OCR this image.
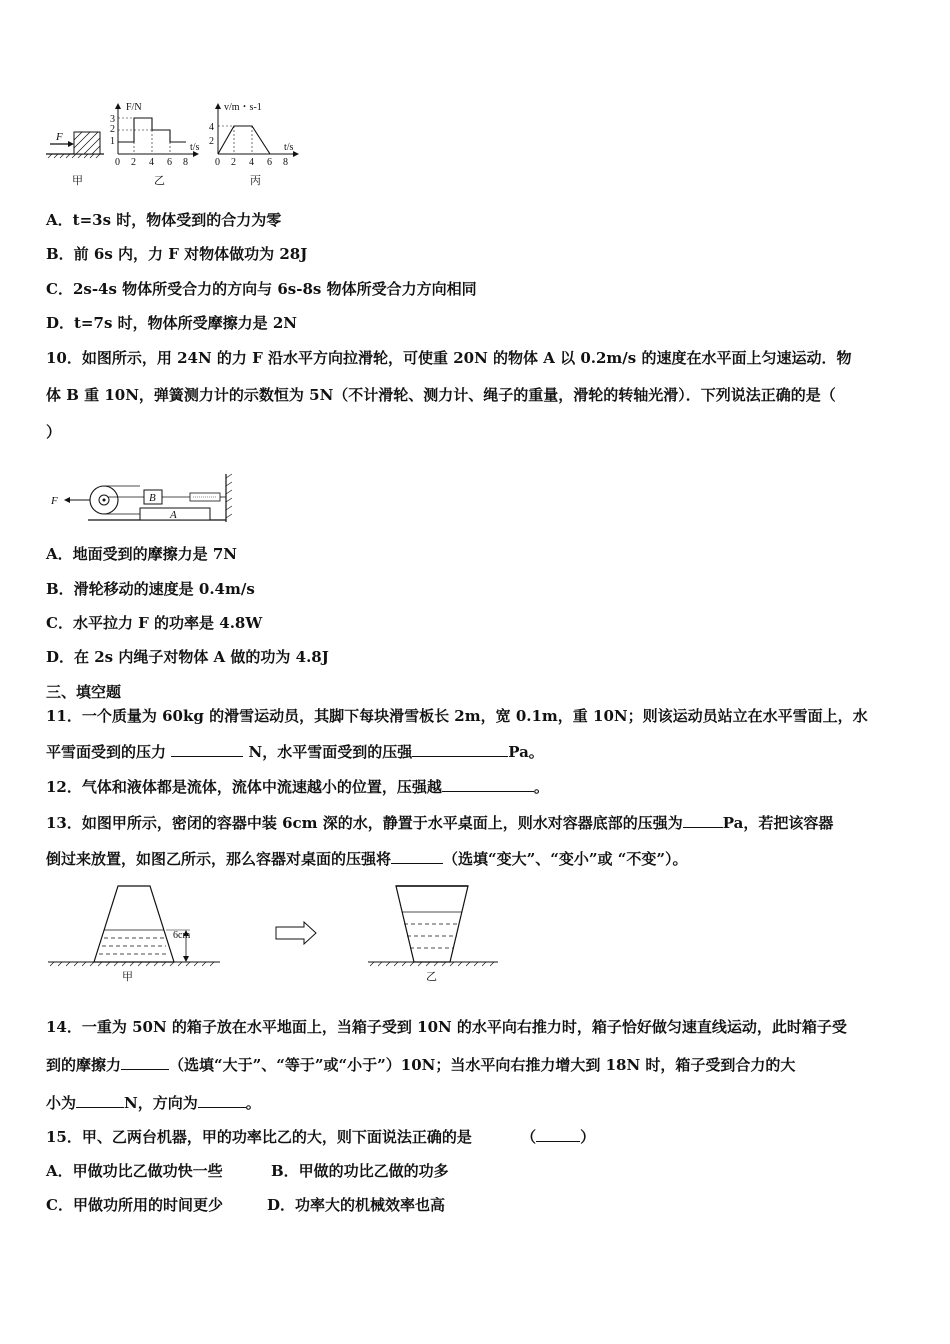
F
甲
F/N
t/s
3
2
1
0 2 4 6 8
乙
v/m・s-1
t/s
4
2
0 2 4 6 8
丙
A．t=3s 时，物体受到的合力为零
B．前 6s 内，力 F 对物体做功为 28J
C．2s-4s 物体所受合力的方向与 6s-8s 物体所受合力方向相同
D．t=7s 时，物体所受摩擦力是 2N
10．如图所示，用 24N 的力 F 沿水平方向拉滑轮，可使重 20N 的物体 A 以 0.2m/s 的速度在水平面上匀速运动．物
体 B 重 10N，弹簧测力计的示数恒为 5N（不计滑轮、测力计、绳子的重量，滑轮的转轴光滑）．下列说法正确的是（
）
A
B
F
A．地面受到的摩擦力是 7N
B．滑轮移动的速度是 0.4m/s
C．水平拉力 F 的功率是 4.8W
D．在 2s 内绳子对物体 A 做的功为 4.8J
三、填空题
11．一个质量为 60kg 的滑雪运动员，其脚下每块滑雪板长 2m，宽 0.1m，重 10N；则该运动员站立在水平雪面上，水
平雪面受到的压力	N，水平雪面受到的压强	Pa。
12．气体和液体都是流体，流体中流速越小的位置，压强越	。
13．如图甲所示，密闭的容器中装 6cm 深的水，静置于水平桌面上，则水对容器底部的压强为	Pa，若把该容器
倒过来放置，如图乙所示，那么容器对桌面的压强将	（选填“变大”、“变小”或 “不变”）。
6cm
甲	乙
14．一重为 50N 的箱子放在水平地面上，当箱子受到 10N 的水平向右推力时，箱子恰好做匀速直线运动，此时箱子受
到的摩擦力	（选填“大于”、“等于”或“小于”）10N；当水平向右推力增大到 18N 时，箱子受到合力的大
小为	N，方向为	。
15．甲、乙两台机器，甲的功率比乙的大，则下面说法正确的是	（	）
A．甲做功比乙做功快一些	B．甲做的功比乙做的功多
C．甲做功所用的时间更少	D．功率大的机械效率也高
